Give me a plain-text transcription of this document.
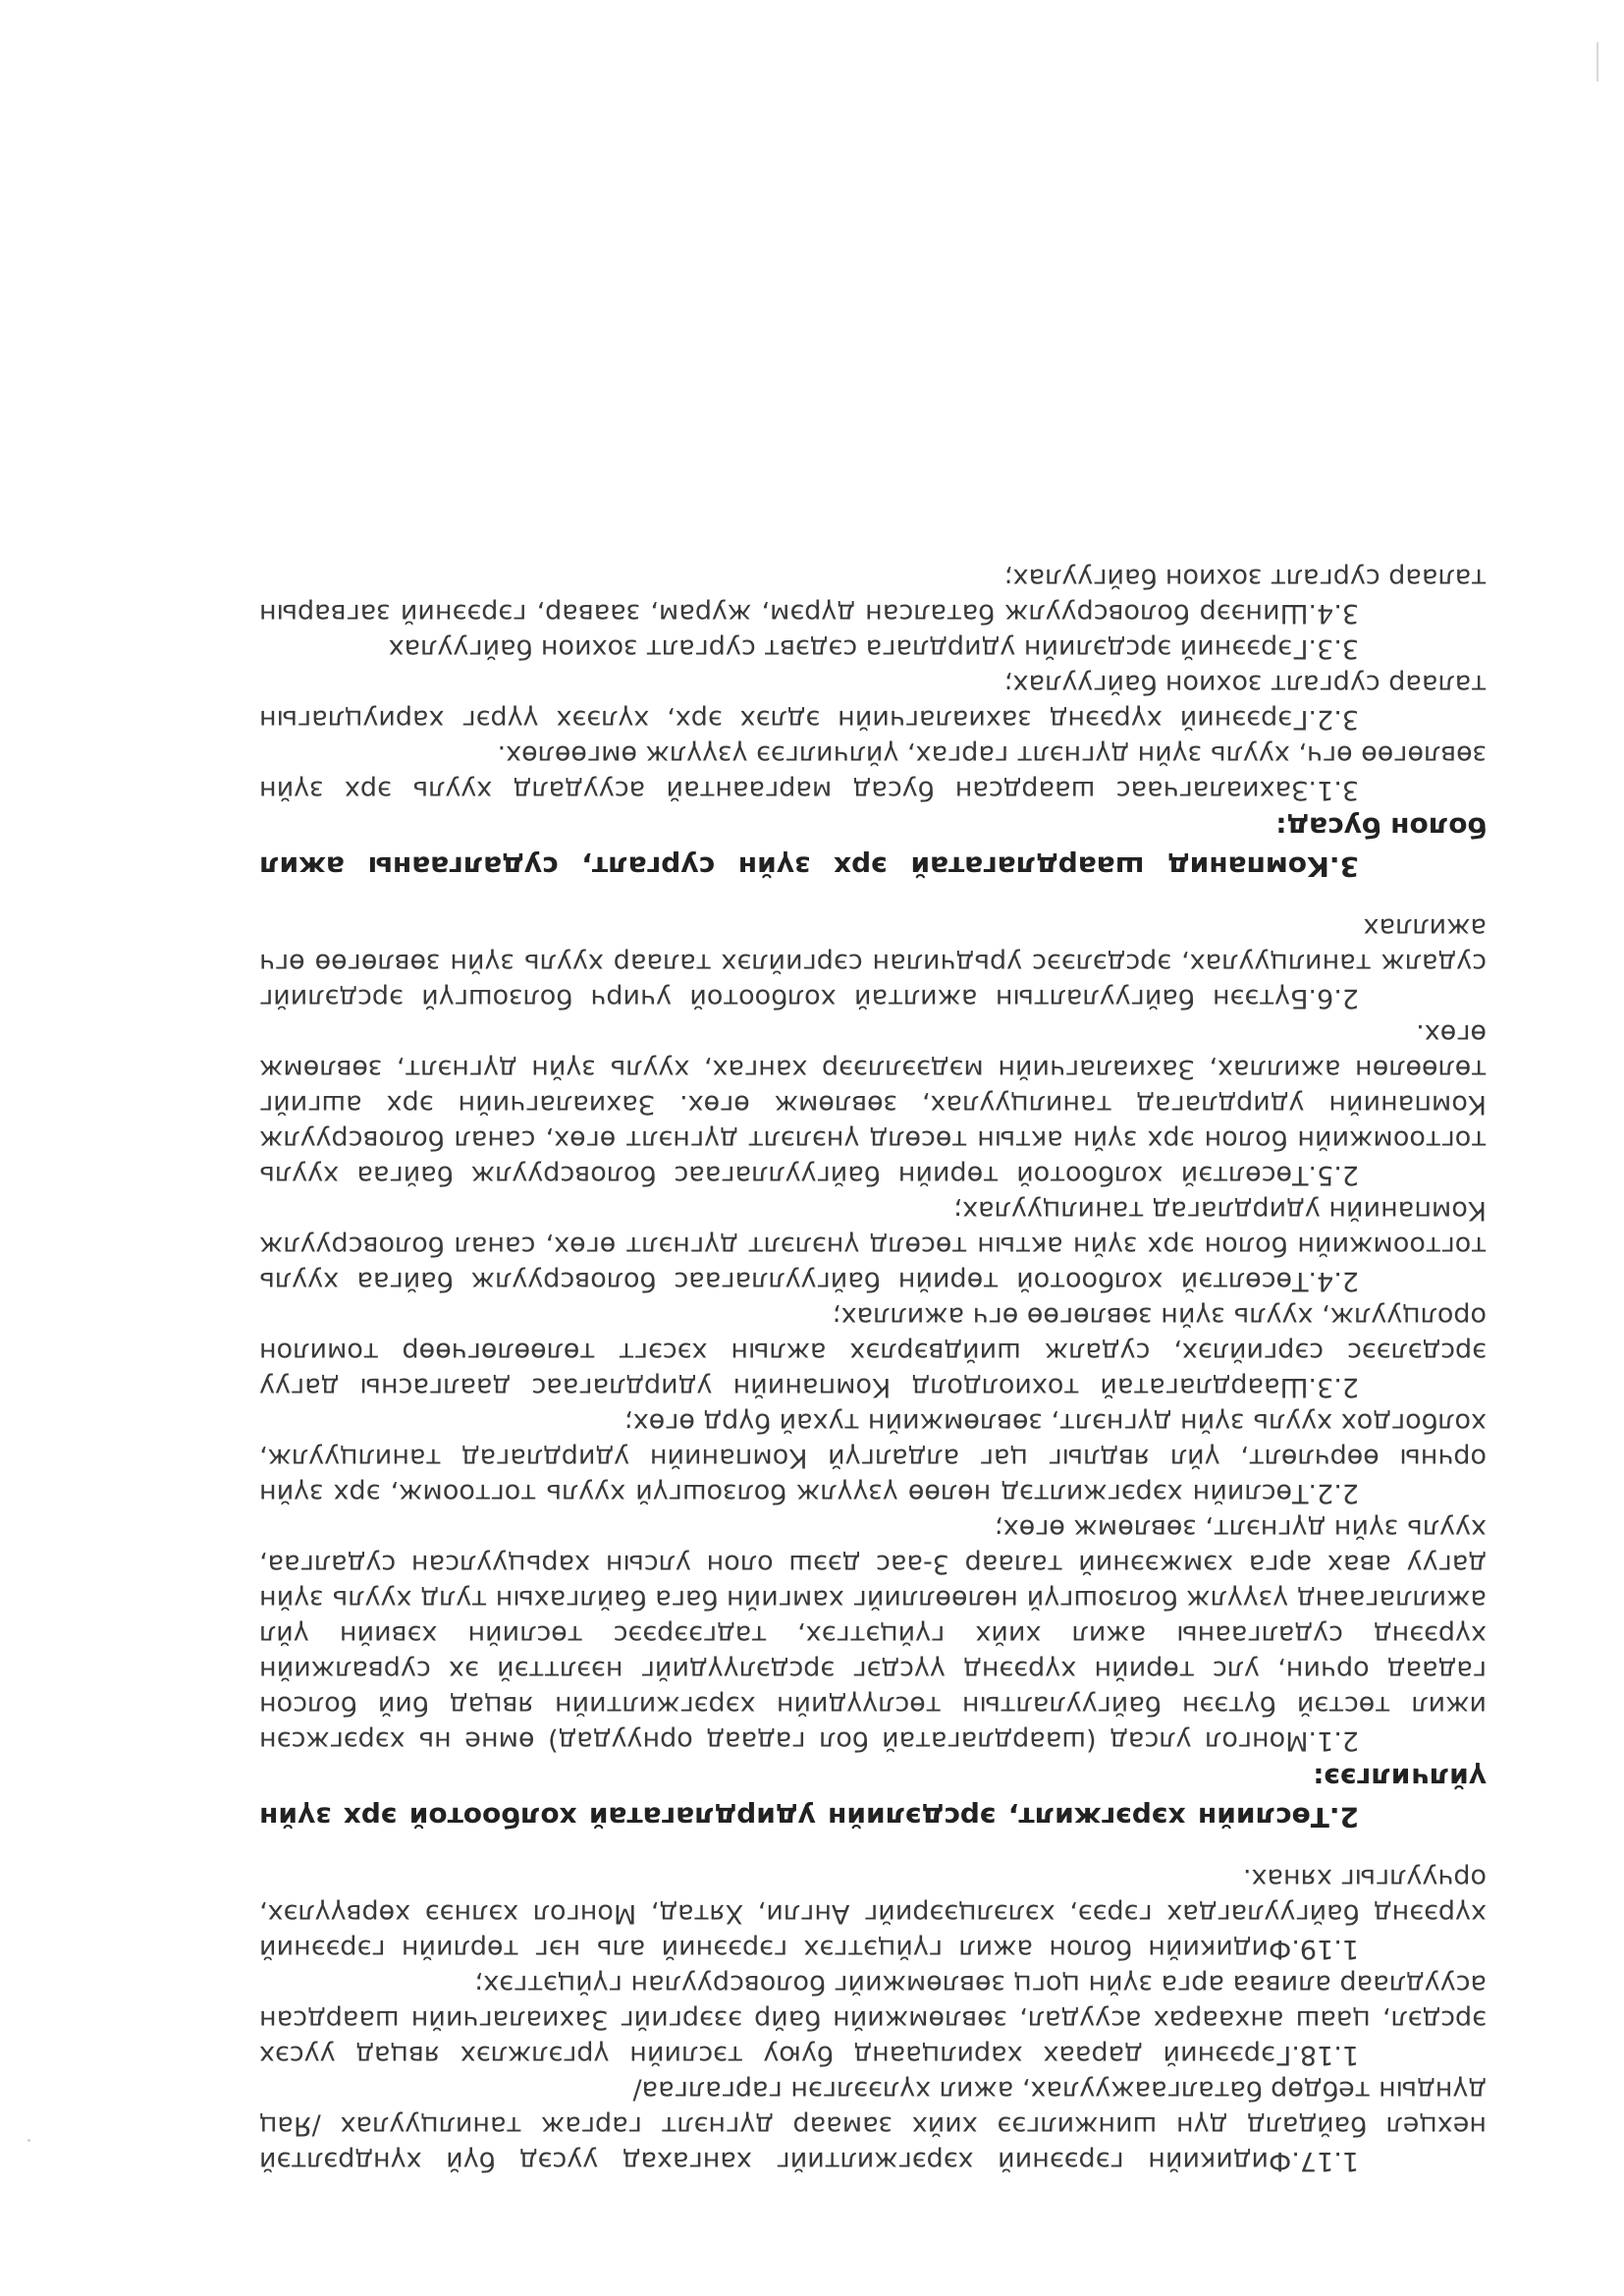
1.17.Фидикийн гэрээний хэрэгжилтийг хангахад уусэд бүй хүндрэлтэй нехцел байдалд дүн шинжилгээ хийх замаар дүгнэлт гаргаж танилцуулах /Яац дүндын тебдөр баталгаажуулах, ажил хүлээлгэн гаргалгаа/

1.18.Гэрээний дараах харилцаанд буюу тэслийн үргэлжлэх явцад уусэх эрсдэл, цааш анхаарах асуудал, зөвлөмжийн байр эзэргийг Захиалагчийн шаардсан асуудлаар аливаа арга зүйн цогц зөвлөмжийг боловсруулан гүйцэтгэх;

1.19.Фидикийн болон ажил гүйцэтгэх гэрээний аль нэг төрлийн гэрээний хүрээнд байгуулагдах гэрээ, хэлэлцээрийг Англи, Хятад, Монгол хэлнээ хөрвүүлэх, орчуулгыг хянах.

2.Төслийн хэрэгжилт, эрсдэлийн удирдлагатай холбоотой эрх зүйн үйлчилгээ:

2.1.Монгол улсад (шаардлагатай бол гадаад орнуудад) өмне нь хэрэгжсэн ижил төстэй бүтээн байгуулалтын төслүүдийн хэрэгжилтийн явцад бий болсон гадаад орчин, улс төрийн хүрээнд үүсдэг эрсдэлүүдийг нээлттэй эх сурвалжийн хүрээнд судалгааны ажил хийх гүйцэтгэх, тадгээрээс төслийн хэвийн үйл ажиллагаанд үзүүлж болзошгүй нөлөөллийг хамгийн бага байлгахын тулд хууль зүйн дагуу авах арга хэмжээний талаар 3-аас дээш олон улсын харьцуулсан судалгаа, хууль зүйн дүгнэлт, зөвлөмж өгөх;

2.2.Төслийн хэрэгжилтэд нөлөө үзүүлж болзошгүй хууль тогтоомж, эрх зүйн орчны өөрчлөлт, үйл явдлыг цаг алдалгүй Компанийн удирдлагад танилцуулж, холбогдох хууль зүйн дүгнэлт, зөвлөмжийн тухай бүрд өгөх;

2.3.Шаардлагатай тохиолдолд Компанийн удирдлагаас даалгасны дагуу эрсдэлээс сэргийлэх, судалж шийдвэрлэх ажлын хэсэгт төлөөлөгчөөр томилон оролцуулж, хууль зүйн зөвлөгөө өгч ажиллах;

2.4.Төсөлтэй холбоотой төрийн байгууллагаас боловсруулж байгаа хууль тогтоомжийн болон эрх зүйн актын төсөлд үнэлэлт дүгнэлт өгөх, санал боловсруулж Компанийн удирдлагад танилцуулах;

2.5.Төсөлтэй холбоотой төрийн байгууллагаас боловсруулж байгаа хууль тогтоомжийн болон эрх зүйн актын төсөлд үнэлэлт дүгнэлт өгөх, санал боловсруулж Компанийн удирдлагад танилцуулах, зөвлөмж өгөх. Захиалагчийн эрх ашгийг төлөөлөн ажиллах, Захиалагчийн мэдээллээр хангах, хууль зүйн дүгнэлт, зөвлөмж өгөх.

2.6.Бүтээн байгуулалтын ажилтай холбоотой учирч болзошгүй эрсдэлийг судалж танилцуулах, эрсдэлээс урьдчилан сэргийлэх талаар хууль зүйн зөвлөгөө өгч ажиллах

3.Компанид шаардлагатай эрх зүйн сургалт, судалгааны ажил болон бусад:

3.1.Захиалагчаас шаардсан бусад маргаантай асуудалд хууль эрх зүйн зөвлөгөө өгч, хууль зүйн дүгнэлт гаргах, үйлчилгээ үзүүлж өмгөөлөх.

3.2.Гэрээний хүрээнд захиалагчийн эдлэх эрх, хүлээх үүрэг хариуцлагын талаар сургалт зохион байгуулах;

3.3.Гэрээний эрсдэлийн удирдлага сэдэвт сургалт зохион байгуулах

3.4.Шинээр боловсруулж баталсан дүрэм, журам, заавар, гэрээний загварын талаар сургалт зохион байгуулах;
